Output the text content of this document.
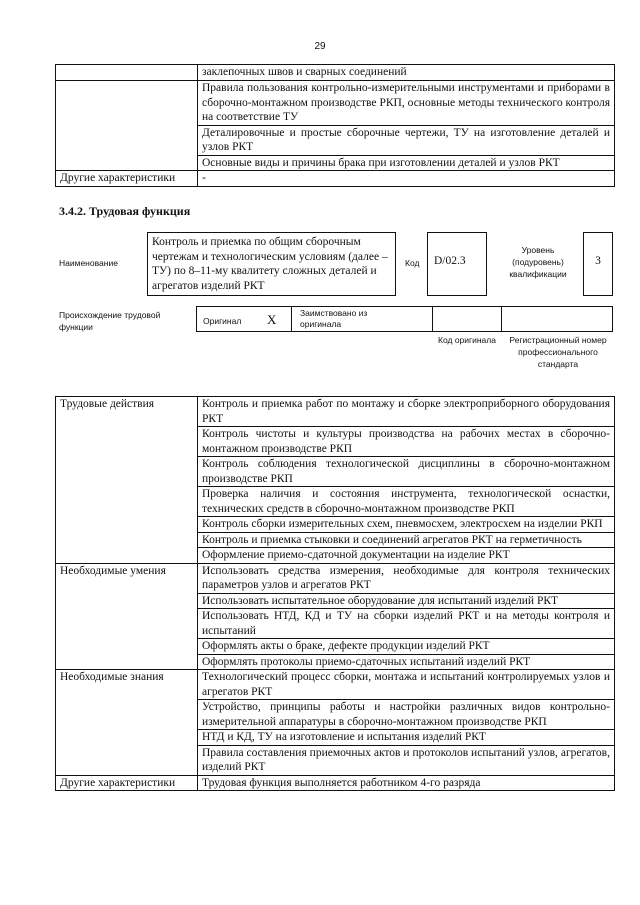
29
	заклепочных швов и сварных соединений
	Правила пользования контрольно-измерительными инструментами и приборами в сборочно-монтажном производстве РКП, основные методы технического контроля на соответствие ТУ
	Деталировочные и простые сборочные чертежи, ТУ на изготовление деталей и узлов РКТ
	Основные виды и причины брака при изготовлении деталей и узлов РКТ
Другие характеристики	-
3.4.2. Трудовая функция
Наименование
Контроль и приемка по общим сборочным чертежам и технологическим условиям (далее –ТУ) по 8–11-му квалитету сложных деталей и агрегатов изделий РКТ
Код	D/02.3
Уровень (подуровень) квалификации
3
Происхождение трудовой функции
Оригинал X	Заимствовано из оригинала
Код оригинала	Регистрационный номер профессионального стандарта
Трудовые действия	Контроль и приемка работ по монтажу и сборке электроприборного оборудования РКТ
	Контроль чистоты и культуры производства на рабочих местах в сборочно-монтажном производстве РКП
	Контроль соблюдения технологической дисциплины в сборочно-монтажном производстве РКП
	Проверка наличия и состояния инструмента, технологической оснастки, технических средств в сборочно-монтажном производстве РКП
	Контроль сборки измерительных схем, пневмосхем, электросхем на изделии РКП
	Контроль и приемка стыковки и соединений агрегатов РКТ на герметичность
	Оформление приемо-сдаточной документации на изделие РКТ
Необходимые умения	Использовать средства измерения, необходимые для контроля технических параметров узлов и агрегатов РКТ
	Использовать испытательное оборудование для испытаний изделий РКТ
	Использовать НТД, КД и ТУ на сборки изделий РКТ и на методы контроля и испытаний
	Оформлять акты о браке, дефекте продукции изделий РКТ
	Оформлять протоколы приемо-сдаточных испытаний изделий РКТ
Необходимые знания	Технологический процесс сборки, монтажа и испытаний контролируемых узлов и агрегатов РКТ
	Устройство, принципы работы и настройки различных видов контрольно-измерительной аппаратуры в сборочно-монтажном производстве РКП
	НТД и КД, ТУ на изготовление и испытания изделий РКТ
	Правила составления приемочных актов и протоколов испытаний узлов, агрегатов, изделий РКТ
Другие характеристики	Трудовая функция выполняется работником 4-го разряда
